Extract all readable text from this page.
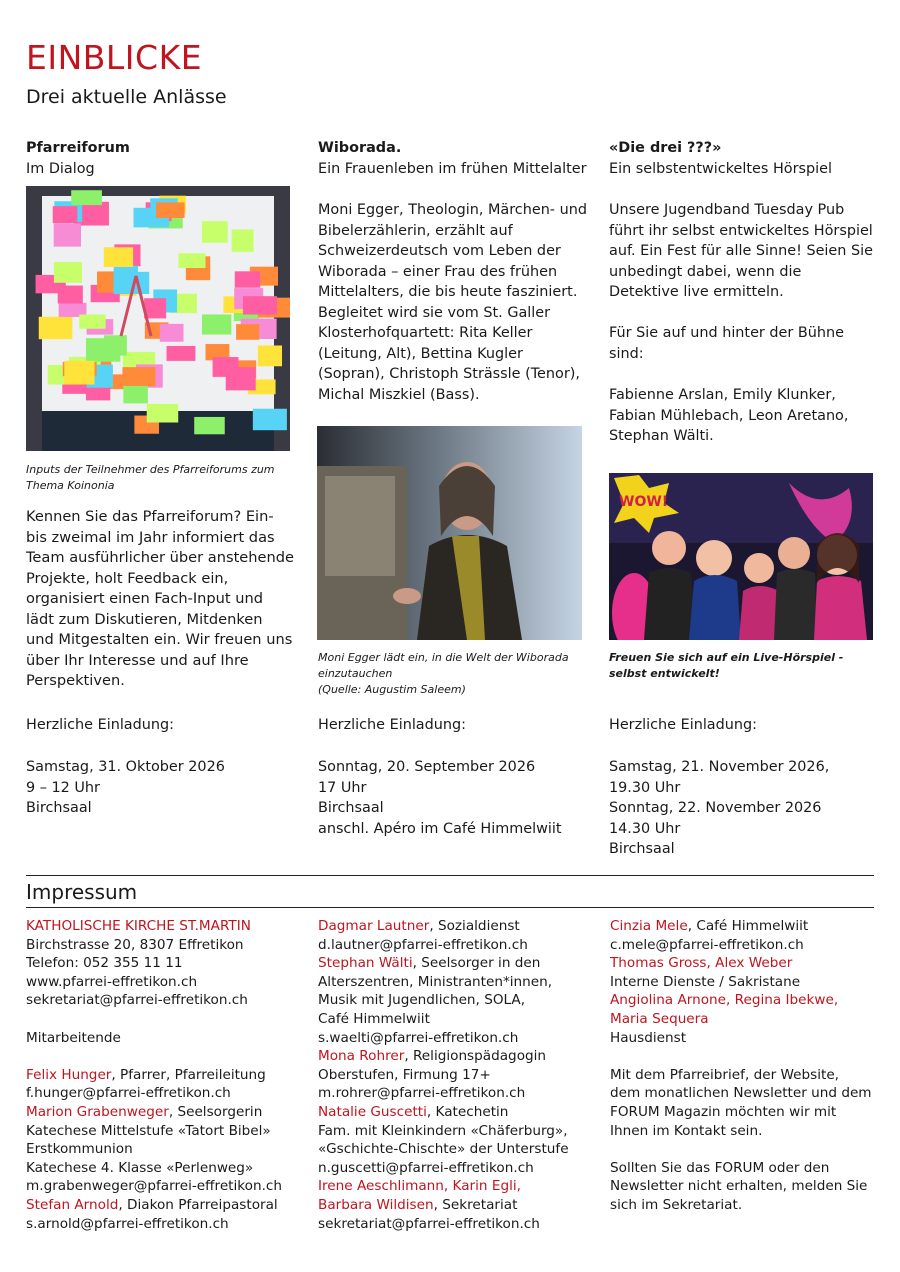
EINBLICKE
Drei aktuelle Anlässe
Pfarreiforum
Im Dialog
Inputs der Teilnehmer des Pfarreiforums zum Thema Koinonia

Kennen Sie das Pfarreiforum? Ein- bis zweimal im Jahr informiert das Team ausführlicher über anstehende Projekte, holt Feedback ein, organisiert einen Fach-Input und lädt zum Diskutieren, Mitdenken und Mitgestalten ein. Wir freuen uns über Ihr Interesse und auf Ihre Perspektiven.

Herzliche Einladung:
Samstag, 31. Oktober 2026
9 – 12 Uhr
Birchsaal
Wiborada.
Ein Frauenleben im frühen Mittelalter

Moni Egger, Theologin, Märchen- und Bibelerzählerin, erzählt auf Schweizerdeutsch vom Leben der Wiborada – einer Frau des frühen Mittelalters, die bis heute fasziniert. Begleitet wird sie vom St. Galler Klosterhofquartett: Rita Keller (Leitung, Alt), Bettina Kugler (Sopran), Christoph Strässle (Tenor), Michal Miszkiel (Bass).

Moni Egger lädt ein, in die Welt der Wiborada einzutauchen
(Quelle: Augustim Saleem)
Herzliche Einladung:
Sonntag, 20. September 2026
17 Uhr
Birchsaal
anschl. Apéro im Café Himmelwiit
«Die drei ???»
Ein selbstentwickeltes Hörspiel

Unsere Jugendband Tuesday Pub führt ihr selbst entwickeltes Hörspiel auf. Ein Fest für alle Sinne! Seien Sie unbedingt dabei, wenn die Detektive live ermitteln.

Für Sie auf und hinter der Bühne sind:

Fabienne Arslan, Emily Klunker, Fabian Mühlebach, Leon Aretano, Stephan Wälti.

WOW!
Freuen Sie sich auf ein Live-Hörspiel - selbst entwickelt!
Herzliche Einladung:
Samstag, 21. November 2026,
19.30 Uhr
Sonntag, 22. November 2026
14.30 Uhr
Birchsaal
Impressum
KATHOLISCHE KIRCHE ST.MARTIN
Birchstrasse 20, 8307 Effretikon
Telefon: 052 355 11 11
www.pfarrei-effretikon.ch
sekretariat@pfarrei-effretikon.ch

Mitarbeitende

Felix Hunger, Pfarrer, Pfarreileitung
f.hunger@pfarrei-effretikon.ch
Marion Grabenweger, Seelsorgerin
Katechese Mittelstufe «Tatort Bibel»
Erstkommunion
Katechese 4. Klasse «Perlenweg»
m.grabenweger@pfarrei-effretikon.ch
Stefan Arnold, Diakon Pfarreipastoral
s.arnold@pfarrei-effretikon.ch
Dagmar Lautner, Sozialdienst
d.lautner@pfarrei-effretikon.ch
Stephan Wälti, Seelsorger in den
Alterszentren, Ministranten*innen,
Musik mit Jugendlichen, SOLA,
Café Himmelwiit
s.waelti@pfarrei-effretikon.ch
Mona Rohrer, Religionspädagogin
Oberstufen, Firmung 17+
m.rohrer@pfarrei-effretikon.ch
Natalie Guscetti, Katechetin
Fam. mit Kleinkindern «Chäferburg»,
«Gschichte-Chischte» der Unterstufe
n.guscetti@pfarrei-effretikon.ch
Irene Aeschlimann, Karin Egli,
Barbara Wildisen, Sekretariat
sekretariat@pfarrei-effretikon.ch
Cinzia Mele, Café Himmelwiit
c.mele@pfarrei-effretikon.ch
Thomas Gross, Alex Weber
Interne Dienste / Sakristane
Angiolina Arnone, Regina Ibekwe,
Maria Sequera
Hausdienst

Mit dem Pfarreibrief, der Website, dem monatlichen Newsletter und dem FORUM Magazin möchten wir mit Ihnen im Kontakt sein.

Sollten Sie das FORUM oder den Newsletter nicht erhalten, melden Sie sich im Sekretariat.
